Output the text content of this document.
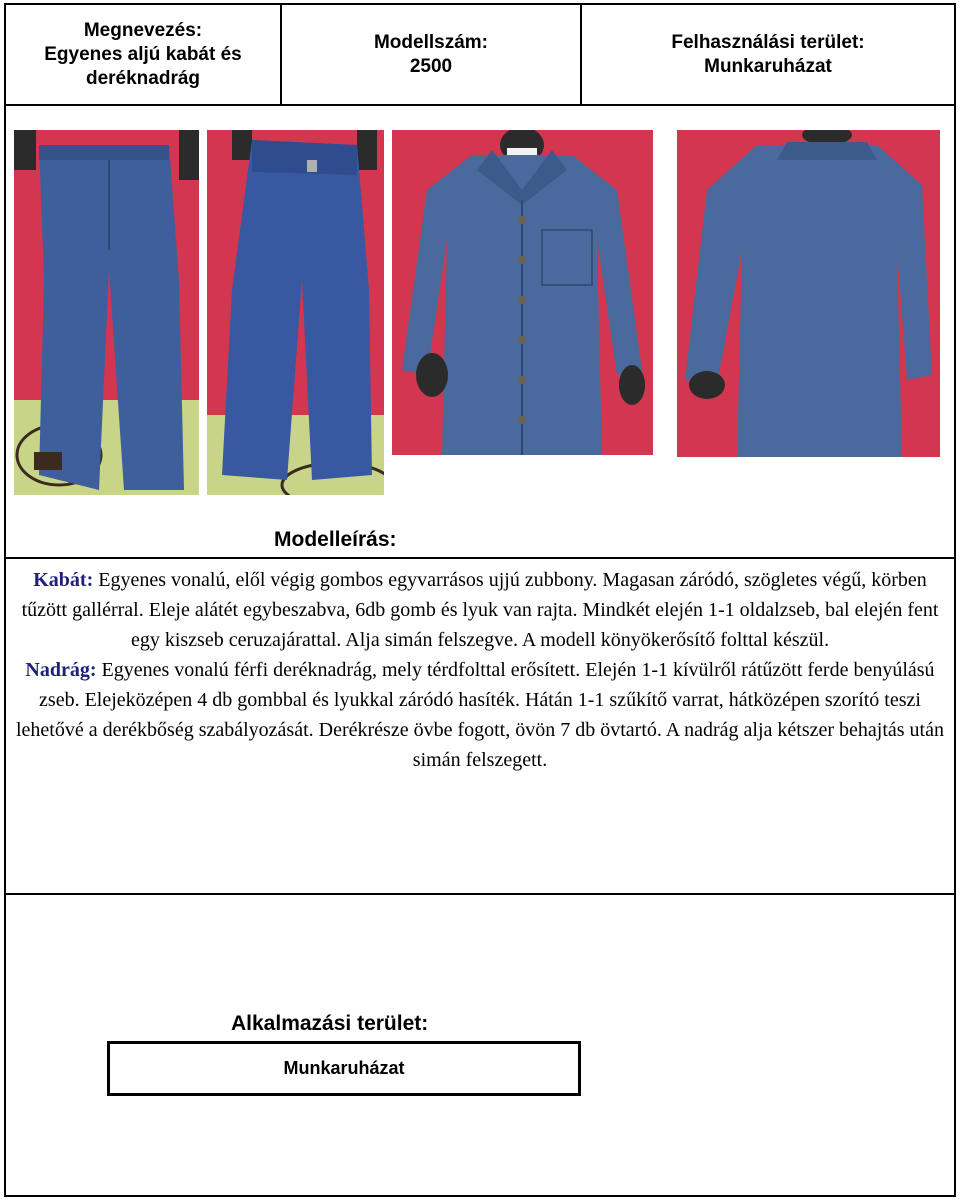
Megnevezés:
Egyenes aljú kabát és
deréknadrág
Modellszám:
2500
Felhasználási terület:
Munkaruházat
Modelleírás:

Kabát: Egyenes vonalú, elől végig gombos egyvarrásos ujjú zubbony. Magasan záródó, szögletes végű, körben tűzött gallérral. Eleje alátét egybeszabva, 6db gomb és lyuk van rajta. Mindkét elején 1-1 oldalzseb, bal elején fent egy kiszseb ceruzajárattal. Alja simán felszegve. A modell könyökerősítő folttal készül.

Nadrág: Egyenes vonalú férfi deréknadrág, mely térdfolttal erősített. Elején 1-1 kívülről rátűzött ferde benyúlású zseb. Elejeközépen 4 db gombbal és lyukkal záródó hasíték. Hátán 1-1 szűkítő varrat, hátközépen szorító teszi lehetővé a derékbőség szabályozását. Derékrésze övbe fogott, övön 7 db övtartó. A nadrág alja kétszer behajtás után simán felszegett.

Alkalmazási terület:
Munkaruházat
